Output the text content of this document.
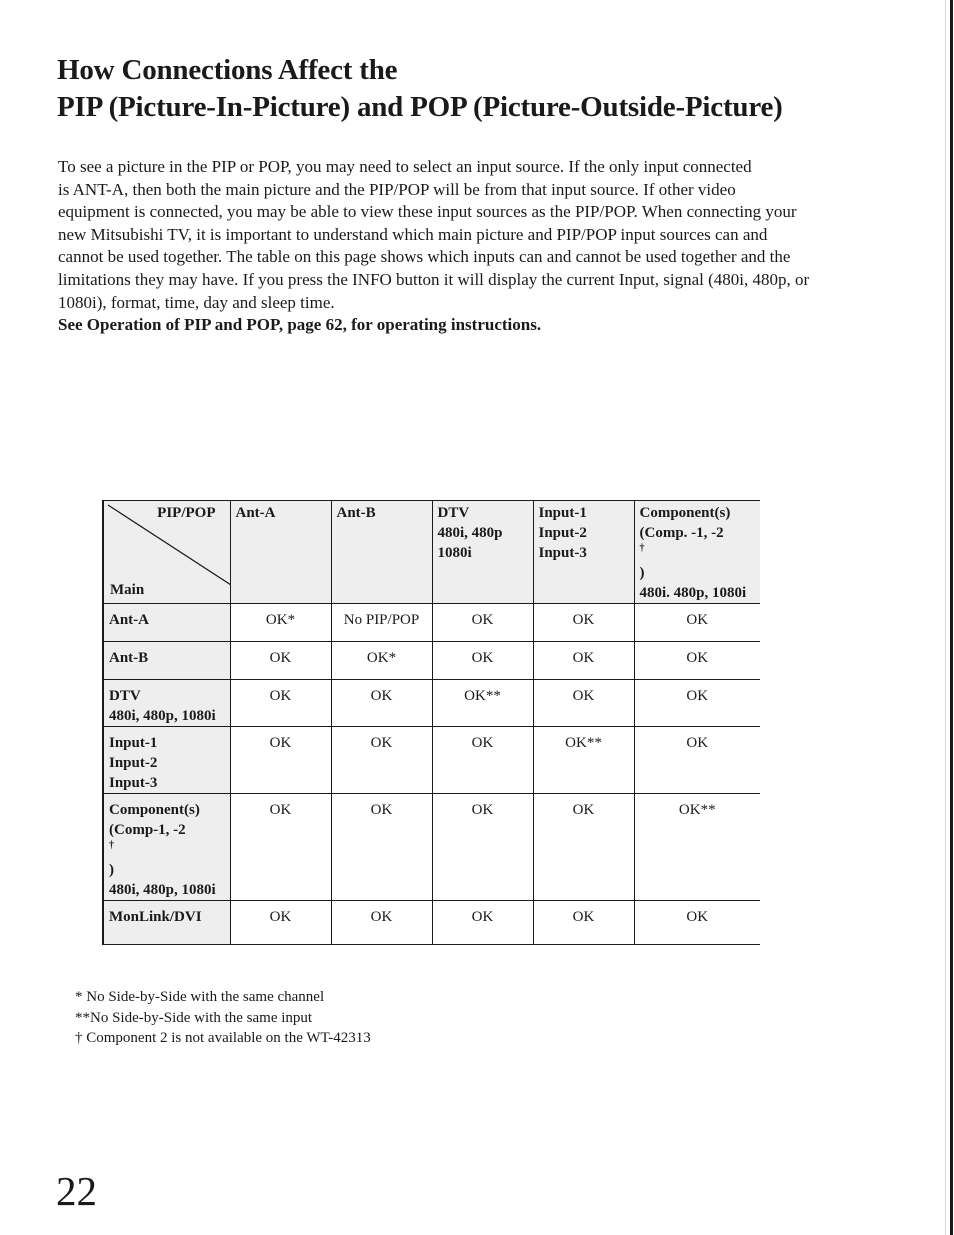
How Connections Affect the
PIP (Picture-In-Picture) and POP (Picture-Outside-Picture)
To see a picture in the PIP or POP, you may need to select an input source. If the only input connected
is ANT-A, then both the main picture and the PIP/POP will be from that input source. If other video
equipment is connected, you may be able to view these input sources as the PIP/POP. When connecting your
new Mitsubishi TV, it is important to understand which main picture and PIP/POP input sources can and
cannot be used together. The table on this page shows which inputs can and cannot be used together and the
limitations they may have. If you press the INFO button it will display the current Input, signal (480i, 480p, or
1080i), format, time, day and sleep time.
See Operation of PIP and POP, page 62, for operating instructions.
PIP/POP
Main	Ant-A	Ant-B	DTV
480i, 480p
1080i	Input-1
Input-2
Input-3	Component(s)
(Comp. -1, -2
†
)
480i. 480p, 1080i

Ant-A	OK*	No PIP/POP	OK	OK	OK

Ant-B	OK	OK*	OK	OK	OK

DTV
480i, 480p, 1080i	OK	OK	OK**	OK	OK

Input-1
Input-2
Input-3	OK	OK	OK	OK**	OK

Component(s)
(Comp-1, -2
†
)
480i, 480p, 1080i	OK	OK	OK	OK	OK**

MonLink/DVI	OK	OK	OK	OK	OK
* No Side-by-Side with the same channel
**No Side-by-Side with the same input
† Component 2 is not available on the WT-42313
22
